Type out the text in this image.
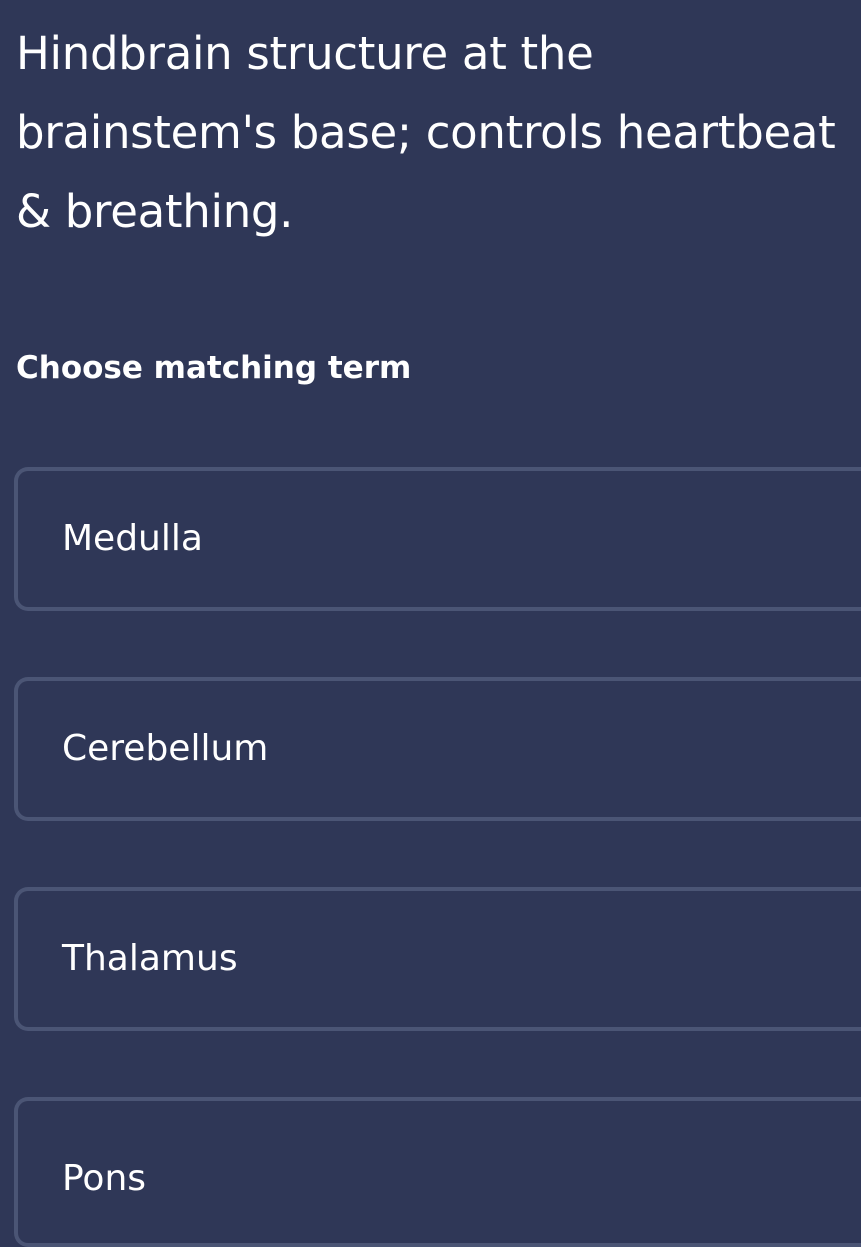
Hindbrain structure at the brainstem's base; controls heartbeat & breathing.
Choose matching term
Medulla
Cerebellum
Thalamus
Pons
